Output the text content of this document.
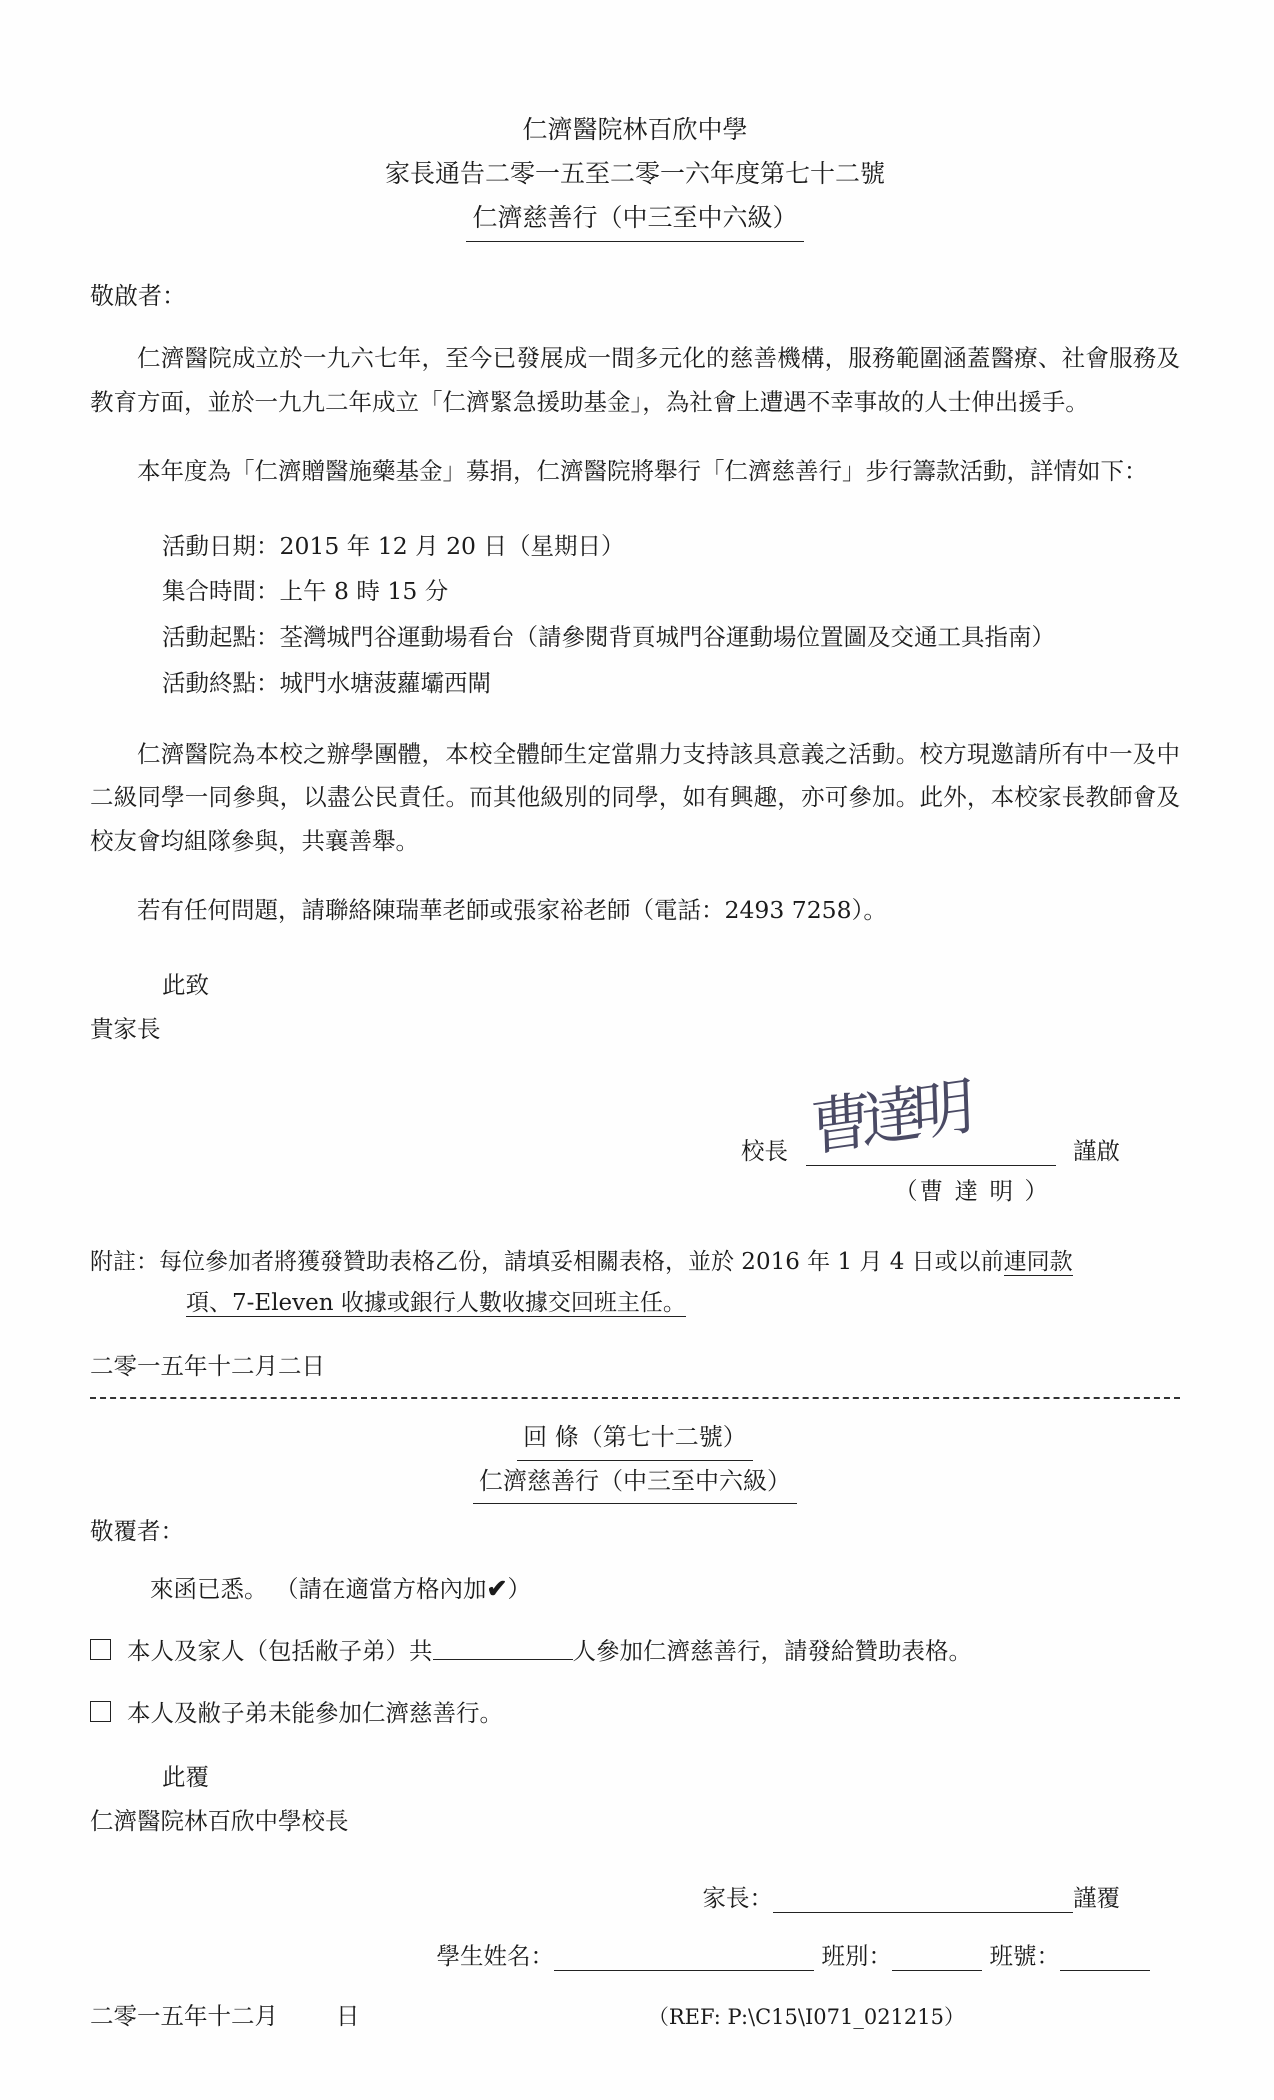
仁濟醫院林百欣中學
家長通告二零一五至二零一六年度第七十二號
仁濟慈善行（中三至中六級）
敬啟者：

仁濟醫院成立於一九六七年，至今已發展成一間多元化的慈善機構，服務範圍涵蓋醫療、社會服務及教育方面，並於一九九二年成立「仁濟緊急援助基金」，為社會上遭遇不幸事故的人士伸出援手。

本年度為「仁濟贈醫施藥基金」募捐，仁濟醫院將舉行「仁濟慈善行」步行籌款活動，詳情如下：

活動日期：2015 年 12 月 20 日（星期日）
集合時間：上午 8 時 15 分
活動起點：荃灣城門谷運動場看台（請參閱背頁城門谷運動場位置圖及交通工具指南）
活動終點：城門水塘菠蘿壩西閘

仁濟醫院為本校之辦學團體，本校全體師生定當鼎力支持該具意義之活動。校方現邀請所有中一及中二級同學一同參與，以盡公民責任。而其他級別的同學，如有興趣，亦可參加。此外，本校家長教師會及校友會均組隊參與，共襄善舉。

若有任何問題，請聯絡陳瑞華老師或張家裕老師（電話：2493 7258）。

此致
貴家長
曹達明
校長	謹啟
（曹 達 明 ）
附註：每位參加者將獲發贊助表格乙份，請填妥相關表格，並於 2016 年 1 月 4 日或以前連同款
項、7-Eleven 收據或銀行人數收據交回班主任。
二零一五年十二月二日
回 條（第七十二號）
仁濟慈善行（中三至中六級）
敬覆者：
來函已悉。 （請在適當方格內加✔）
本人及家人（包括敝子弟）共	人參加仁濟慈善行，請發給贊助表格。
本人及敝子弟未能參加仁濟慈善行。
此覆
仁濟醫院林百欣中學校長
家長：	謹覆
學生姓名：	班別：	班號：
二零一五年十二月 日	（REF: P:\C15\I071_021215）
